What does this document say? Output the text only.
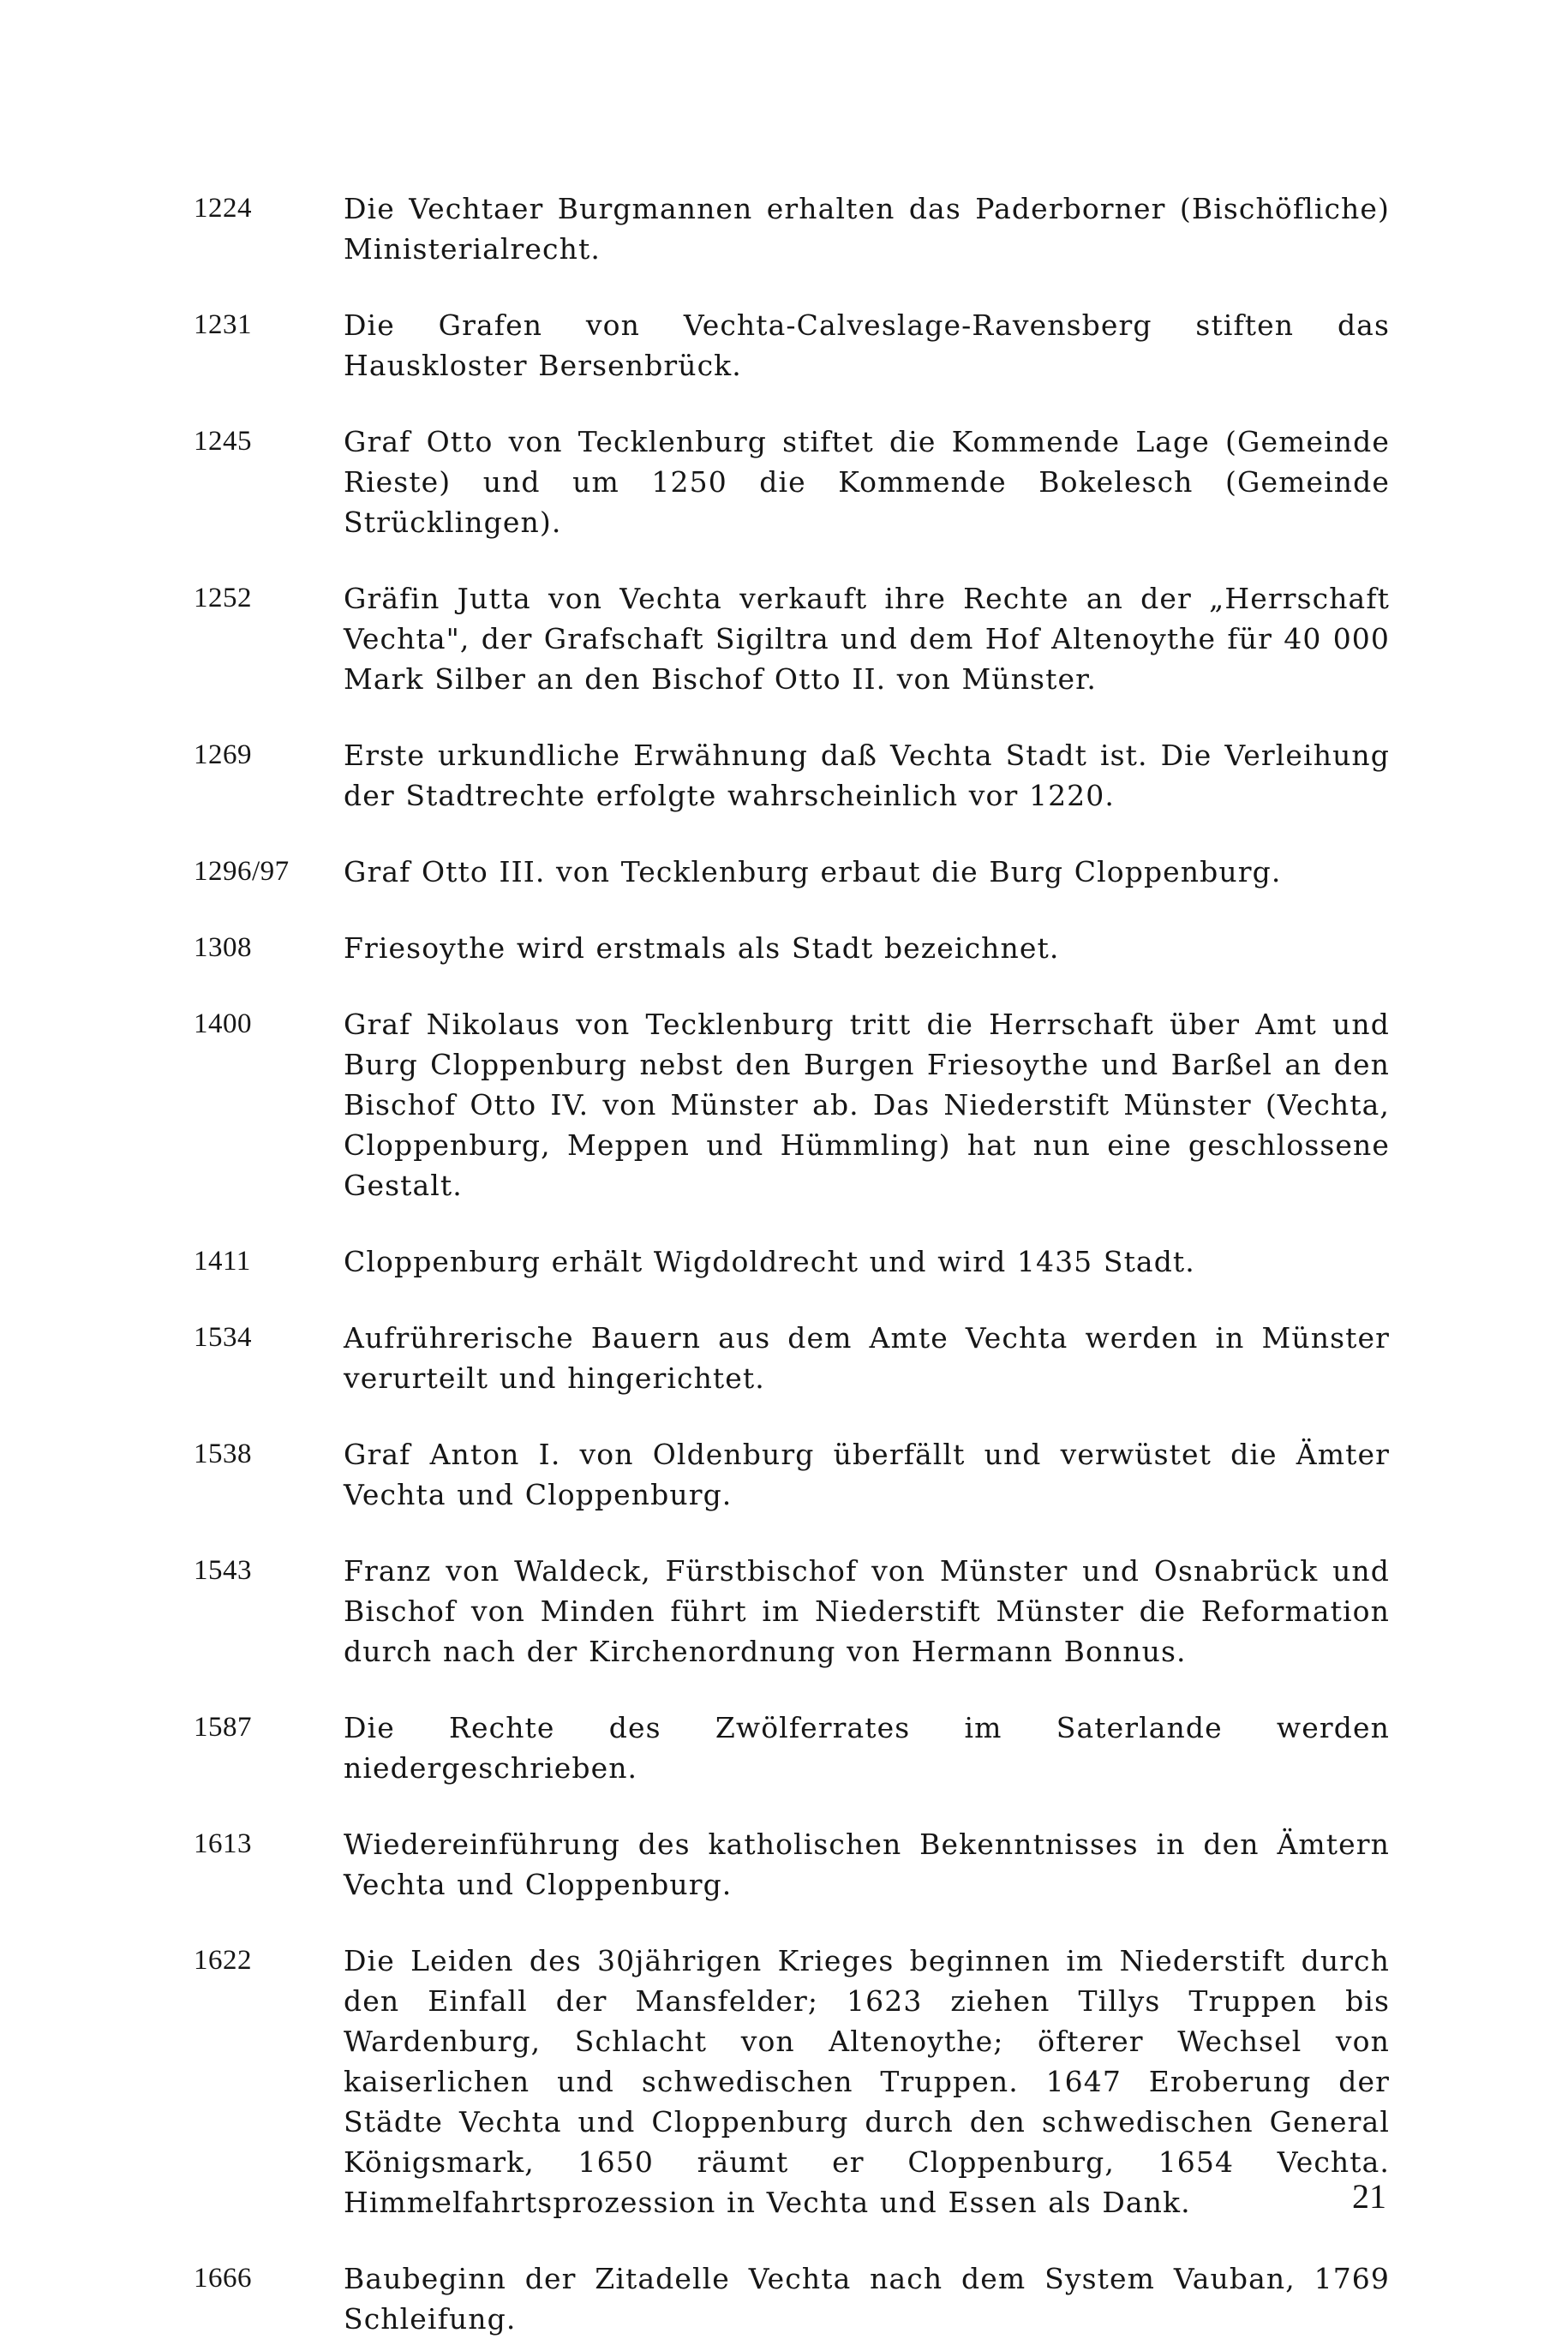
1224	Die Vechtaer Burgmannen erhalten das Paderborner (Bischöfliche) Ministerialrecht.
1231	Die Grafen von Vechta-Calveslage-Ravensberg stiften das Hauskloster Bersenbrück.
1245	Graf Otto von Tecklenburg stiftet die Kommende Lage (Gemeinde Rieste) und um 1250 die Kommende Bokelesch (Gemeinde Strücklingen).
1252	Gräfin Jutta von Vechta verkauft ihre Rechte an der „Herrschaft Vechta", der Grafschaft Sigiltra und dem Hof Altenoythe für 40 000 Mark Silber an den Bischof Otto II. von Münster.
1269	Erste urkundliche Erwähnung daß Vechta Stadt ist. Die Verleihung der Stadtrechte erfolgte wahrscheinlich vor 1220.
1296/97	Graf Otto III. von Tecklenburg erbaut die Burg Cloppenburg.
1308	Friesoythe wird erstmals als Stadt bezeichnet.
1400	Graf Nikolaus von Tecklenburg tritt die Herrschaft über Amt und Burg Cloppenburg nebst den Burgen Friesoythe und Barßel an den Bischof Otto IV. von Münster ab. Das Niederstift Münster (Vechta, Cloppenburg, Meppen und Hümmling) hat nun eine geschlossene Gestalt.
1411	Cloppenburg erhält Wigdoldrecht und wird 1435 Stadt.
1534	Aufrührerische Bauern aus dem Amte Vechta werden in Münster verurteilt und hingerichtet.
1538	Graf Anton I. von Oldenburg überfällt und verwüstet die Ämter Vechta und Cloppenburg.
1543	Franz von Waldeck, Fürstbischof von Münster und Osnabrück und Bischof von Minden führt im Niederstift Münster die Reformation durch nach der Kirchenordnung von Hermann Bonnus.
1587	Die Rechte des Zwölferrates im Saterlande werden niedergeschrieben.
1613	Wiedereinführung des katholischen Bekenntnisses in den Ämtern Vechta und Cloppenburg.
1622	Die Leiden des 30jährigen Krieges beginnen im Niederstift durch den Einfall der Mansfelder; 1623 ziehen Tillys Truppen bis Wardenburg, Schlacht von Altenoythe; öfterer Wechsel von kaiserlichen und schwedischen Truppen. 1647 Eroberung der Städte Vechta und Cloppenburg durch den schwedischen General Königsmark, 1650 räumt er Cloppenburg, 1654 Vechta. Himmelfahrtsprozession in Vechta und Essen als Dank.
1666	Baubeginn der Zitadelle Vechta nach dem System Vauban, 1769 Schleifung.
21
